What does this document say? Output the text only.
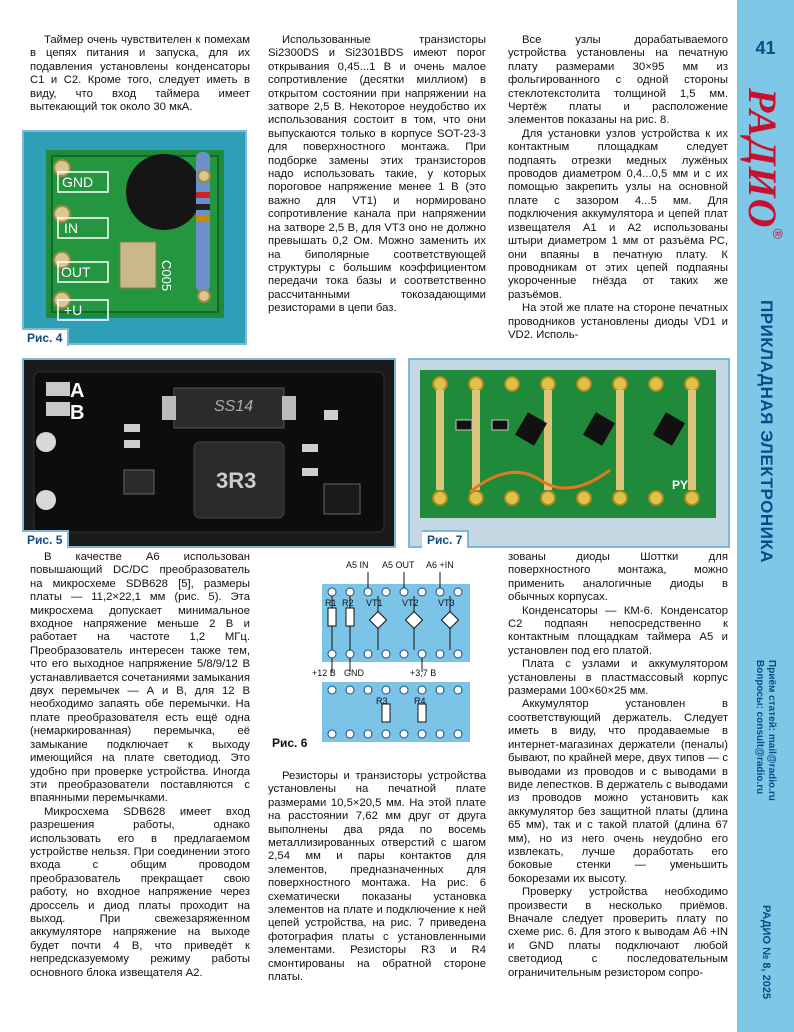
Таймер очень чувствителен к помехам в цепях питания и запуска, для их подавления установлены конденсаторы С1 и С2. Кроме того, следует иметь в виду, что вход таймера имеет вытекающий ток около 30 мкА.

GND
IN
OUT
+U
C005
Рис. 4

Использованные транзисторы Si2300DS и Si2301BDS имеют порог открывания 0,45...1 В и очень малое сопротивление (десятки миллиом) в открытом состоянии при напряжении на затворе 2,5 В. Некоторое неудобство их использования состоит в том, что они выпускаются только в корпусе SOT-23-3 для поверхностного монтажа. При подборке замены этих транзисторов надо использовать такие, у которых пороговое напряжение менее 1 В (это важно для VT1) и нормировано сопротивление канала при напряжении на затворе 2,5 В, для VT3 оно не должно превышать 0,2 Ом. Можно заменить их на биполярные соответствующей структуры с большим коэффициентом передачи тока базы и соответственно рассчитанными токозадающими резисторами в цепи баз.

Все узлы дорабатываемого устройства установлены на печатную плату размерами 30×95 мм из фольгированного с одной стороны стеклотекстолита толщиной 1,5 мм. Чертёж платы и расположение элементов показаны на рис. 8.

Для установки узлов устройства к их контактным площадкам следует подпаять отрезки медных лужёных проводов диаметром 0,4...0,5 мм и с их помощью закрепить узлы на основной плате с зазором 4...5 мм. Для подключения аккумулятора и цепей плат извещателя А1 и А2 использованы штыри диаметром 1 мм от разъёма РС, они впаяны в печатную плату. К проводникам от этих цепей подпаяны укороченные гнёзда от таких же разъёмов.

На этой же плате на стороне печатных проводников установлены диоды VD1 и VD2. Исполь-

A
B	SS14
3R3
Рис. 5
PY
Рис. 7

В качестве А6 использован повышающий DC/DC преобразователь на микросхеме SDB628 [5], размеры платы — 11,2×22,1 мм (рис. 5). Эта микросхема допускает минимальное входное напряжение меньше 2 В и работает на частоте 1,2 МГц. Преобразователь интересен также тем, что его выходное напряжение 5/8/9/12 В устанавливается сочетаниями замыкания двух перемычек — А и В, для 12 В необходимо запаять обе перемычки. На плате преобразователя есть ещё одна (немаркированная) перемычка, её замыкание подключает к выходу имеющийся на плате светодиод. Это удобно при проверке устройства. Иногда эти преобразователи поставляются с впаянными перемычками.

Микросхема SDB628 имеет вход разрешения работы, однако использовать его в предлагаемом устройстве нельзя. При соединении этого входа с общим проводом преобразователь прекращает свою работу, но входное напряжение через дроссель и диод платы проходит на выход. При свежезаряженном аккумуляторе напряжение на выходе будет почти 4 В, что приведёт к непредсказуемому режиму работы основного блока извещателя А2.

A5 IN A5 OUT A6 +IN
R1 R2 VT1 VT2 VT3
+12 В GND	+3,7 В
R3	R4
Рис. 6

Резисторы и транзисторы устройства установлены на печатной плате размерами 10,5×20,5 мм. На этой плате на расстоянии 7,62 мм друг от друга выполнены два ряда по восемь металлизированных отверстий с шагом 2,54 мм и пары контактов для элементов, предназначенных для поверхностного монтажа. На рис. 6 схематически показаны установка элементов на плате и подключение к ней цепей устройства, на рис. 7 приведена фотография платы с установленными элементами. Резисторы R3 и R4 смонтированы на обратной стороне платы.

зованы диоды Шоттки для поверхностного монтажа, можно применить аналогичные диоды в обычных корпусах.

Конденсаторы — КМ-6. Конденсатор С2 подпаян непосредственно к контактным площадкам таймера А5 и установлен под его платой.

Плата с узлами и аккумулятором установлены в пластмассовый корпус размерами 100×60×25 мм.

Аккумулятор установлен в соответствующий держатель. Следует иметь в виду, что продаваемые в интернет-магазинах держатели (пеналы) бывают, по крайней мере, двух типов — с выводами из проводов и с выводами в виде лепестков. В держатель с выводами из проводов можно установить как аккумулятор без защитной платы (длина 65 мм), так и с такой платой (длина 67 мм), но из него очень неудобно его извлекать, лучше доработать его боковые стенки — уменьшить бокорезами их высоту.

Проверку устройства необходимо произвести в несколько приёмов. Вначале следует проверить плату по схеме рис. 6. Для этого к выводам А6 +IN и GND платы подключают любой светодиод с последовательным ограничительным резистором сопро-

41
РАДИО®
ПРИКЛАДНАЯ ЭЛЕКТРОНИКА
Приём статей: mail@radio.ru
Вопросы: consult@radio.ru
РАДИО № 8, 2025
